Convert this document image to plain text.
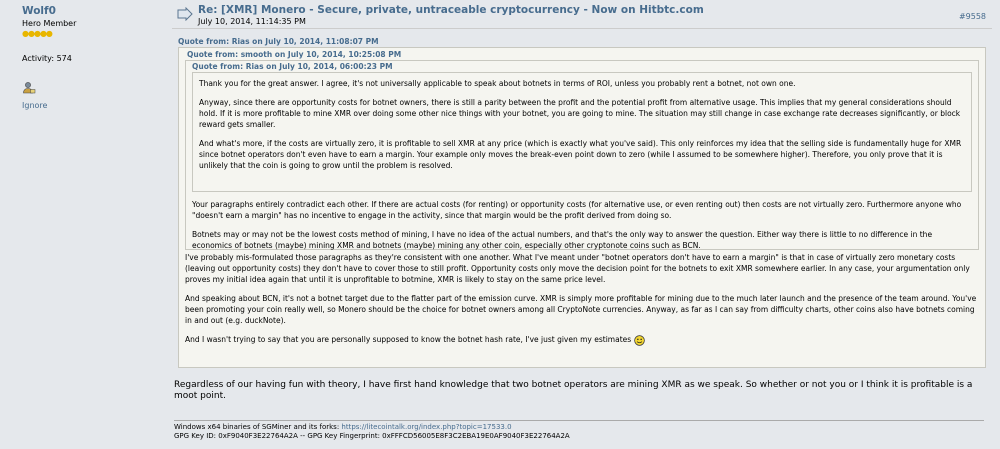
Wolf0
Hero Member
●●●●●
Activity: 574
Ignore
Re: [XMR] Monero - Secure, private, untraceable cryptocurrency - Now on Hitbtc.com
July 10, 2014, 11:14:35 PM
#9558
Quote from: Rias on July 10, 2014, 11:08:07 PM
Quote from: smooth on July 10, 2014, 10:25:08 PM
Quote from: Rias on July 10, 2014, 06:00:23 PM

Thank you for the great answer. I agree, it's not universally applicable to speak about botnets in terms of ROI, unless you probably rent a botnet, not own one.

Anyway, since there are opportunity costs for botnet owners, there is still a parity between the profit and the potential profit from alternative usage. This implies that my general considerations should hold. If it is more profitable to mine XMR over doing some other nice things with your botnet, you are going to mine. The situation may still change in case exchange rate decreases significantly, or block reward gets smaller.

And what's more, if the costs are virtually zero, it is profitable to sell XMR at any price (which is exactly what you've said). This only reinforces my idea that the selling side is fundamentally huge for XMR since botnet operators don't even have to earn a margin. Your example only moves the break-even point down to zero (while I assumed to be somewhere higher). Therefore, you only prove that it is unlikely that the coin is going to grow until the problem is resolved.

Your paragraphs entirely contradict each other. If there are actual costs (for renting) or opportunity costs (for alternative use, or even renting out) then costs are not virtually zero. Furthermore anyone who "doesn't earn a margin" has no incentive to engage in the activity, since that margin would be the profit derived from doing so.

Botnets may or may not be the lowest costs method of mining, I have no idea of the actual numbers, and that's the only way to answer the question. Either way there is little to no difference in the economics of botnets (maybe) mining XMR and botnets (maybe) mining any other coin, especially other cryptonote coins such as BCN.

I've probably mis-formulated those paragraphs as they're consistent with one another. What I've meant under "botnet operators don't have to earn a margin" is that in case of virtually zero monetary costs (leaving out opportunity costs) they don't have to cover those to still profit. Opportunity costs only move the decision point for the botnets to exit XMR somewhere earlier. In any case, your argumentation only proves my initial idea again that until it is unprofitable to botmine, XMR is likely to stay on the same price level.

And speaking about BCN, it's not a botnet target due to the flatter part of the emission curve. XMR is simply more profitable for mining due to the much later launch and the presence of the team around. You've been promoting your coin really well, so Monero should be the choice for botnet owners among all CryptoNote currencies. Anyway, as far as I can say from difficulty charts, other coins also have botnets coming in and out (e.g. duckNote).

And I wasn't trying to say that you are personally supposed to know the botnet hash rate, I've just given my estimates

Regardless of our having fun with theory, I have first hand knowledge that two botnet operators are mining XMR as we speak. So whether or not you or I think it is profitable is a moot point.
Windows x64 binaries of SGMiner and its forks: https://litecointalk.org/index.php?topic=17533.0
GPG Key ID: 0xF9040F3E22764A2A -- GPG Key Fingerprint: 0xFFFCD56005E8F3C2EBA19E0AF9040F3E22764A2A
